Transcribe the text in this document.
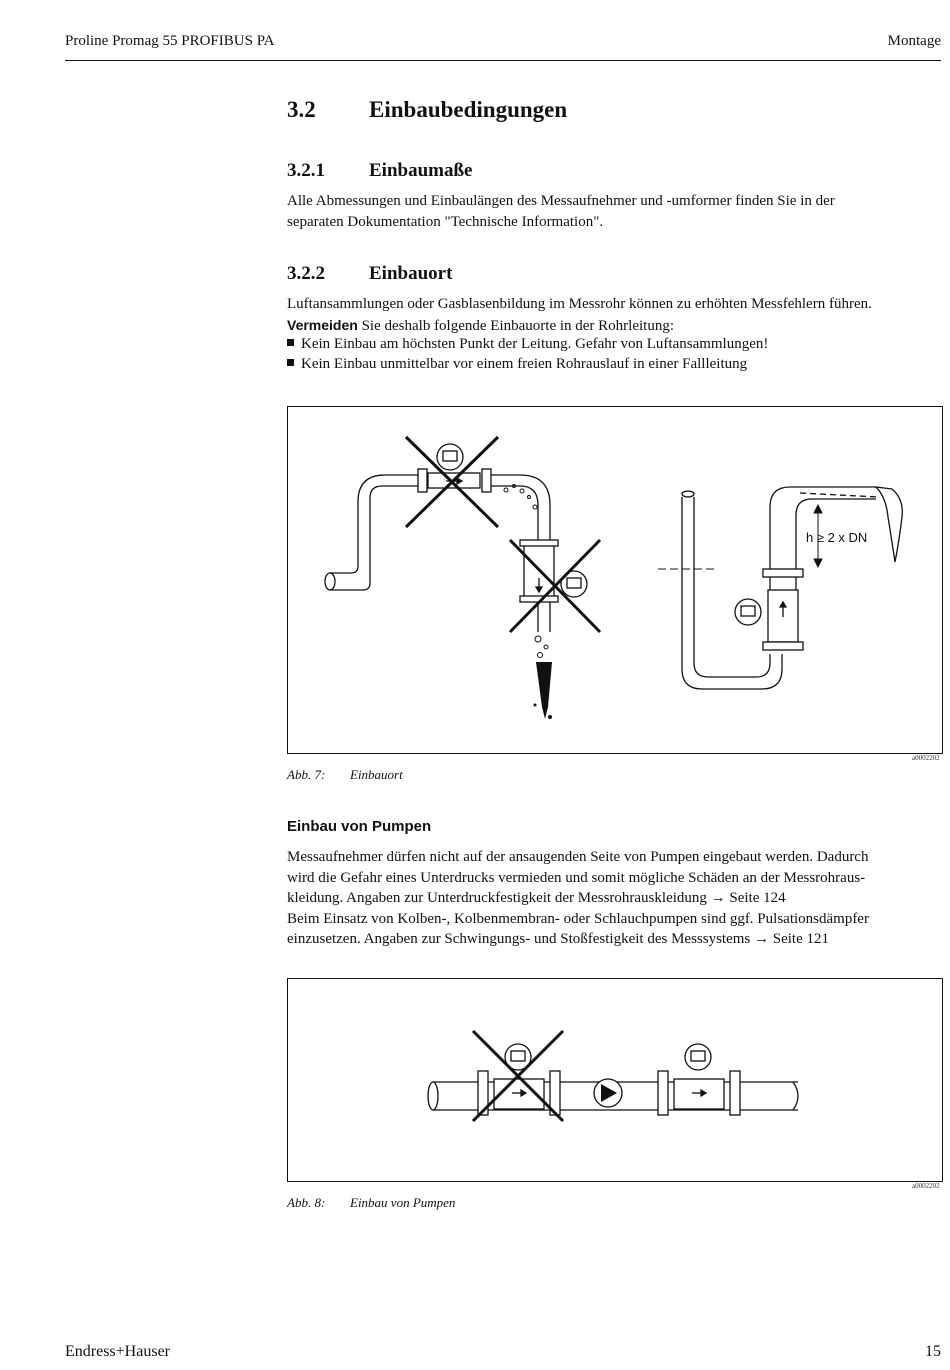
Proline Promag 55 PROFIBUS PA	Montage
3.2 Einbaubedingungen
3.2.1 Einbaumaße
Alle Abmessungen und Einbaulängen des Messaufnehmer und -umformer finden Sie in der
separaten Dokumentation "Technische Information".
3.2.2 Einbauort
Luftansammlungen oder Gasblasenbildung im Messrohr können zu erhöhten Messfehlern führen.
Vermeiden Sie deshalb folgende Einbauorte in der Rohrleitung:
Kein Einbau am höchsten Punkt der Leitung. Gefahr von Luftansammlungen!
Kein Einbau unmittelbar vor einem freien Rohrauslauf in einer Fallleitung
h ≥ 2 x DN
a0002202
Abb. 7: Einbauort
Einbau von Pumpen
Messaufnehmer dürfen nicht auf der ansaugenden Seite von Pumpen eingebaut werden. Dadurch
wird die Gefahr eines Unterdrucks vermieden und somit mögliche Schäden an der Messrohraus-
kleidung. Angaben zur Unterdruckfestigkeit der Messrohrauskleidung → Seite 124
Beim Einsatz von Kolben-, Kolbenmembran- oder Schlauchpumpen sind ggf. Pulsationsdämpfer
einzusetzen. Angaben zur Schwingungs- und Stoßfestigkeit des Messsystems → Seite 121
a0002202
Abb. 8: Einbau von Pumpen
Endress+Hauser	15
